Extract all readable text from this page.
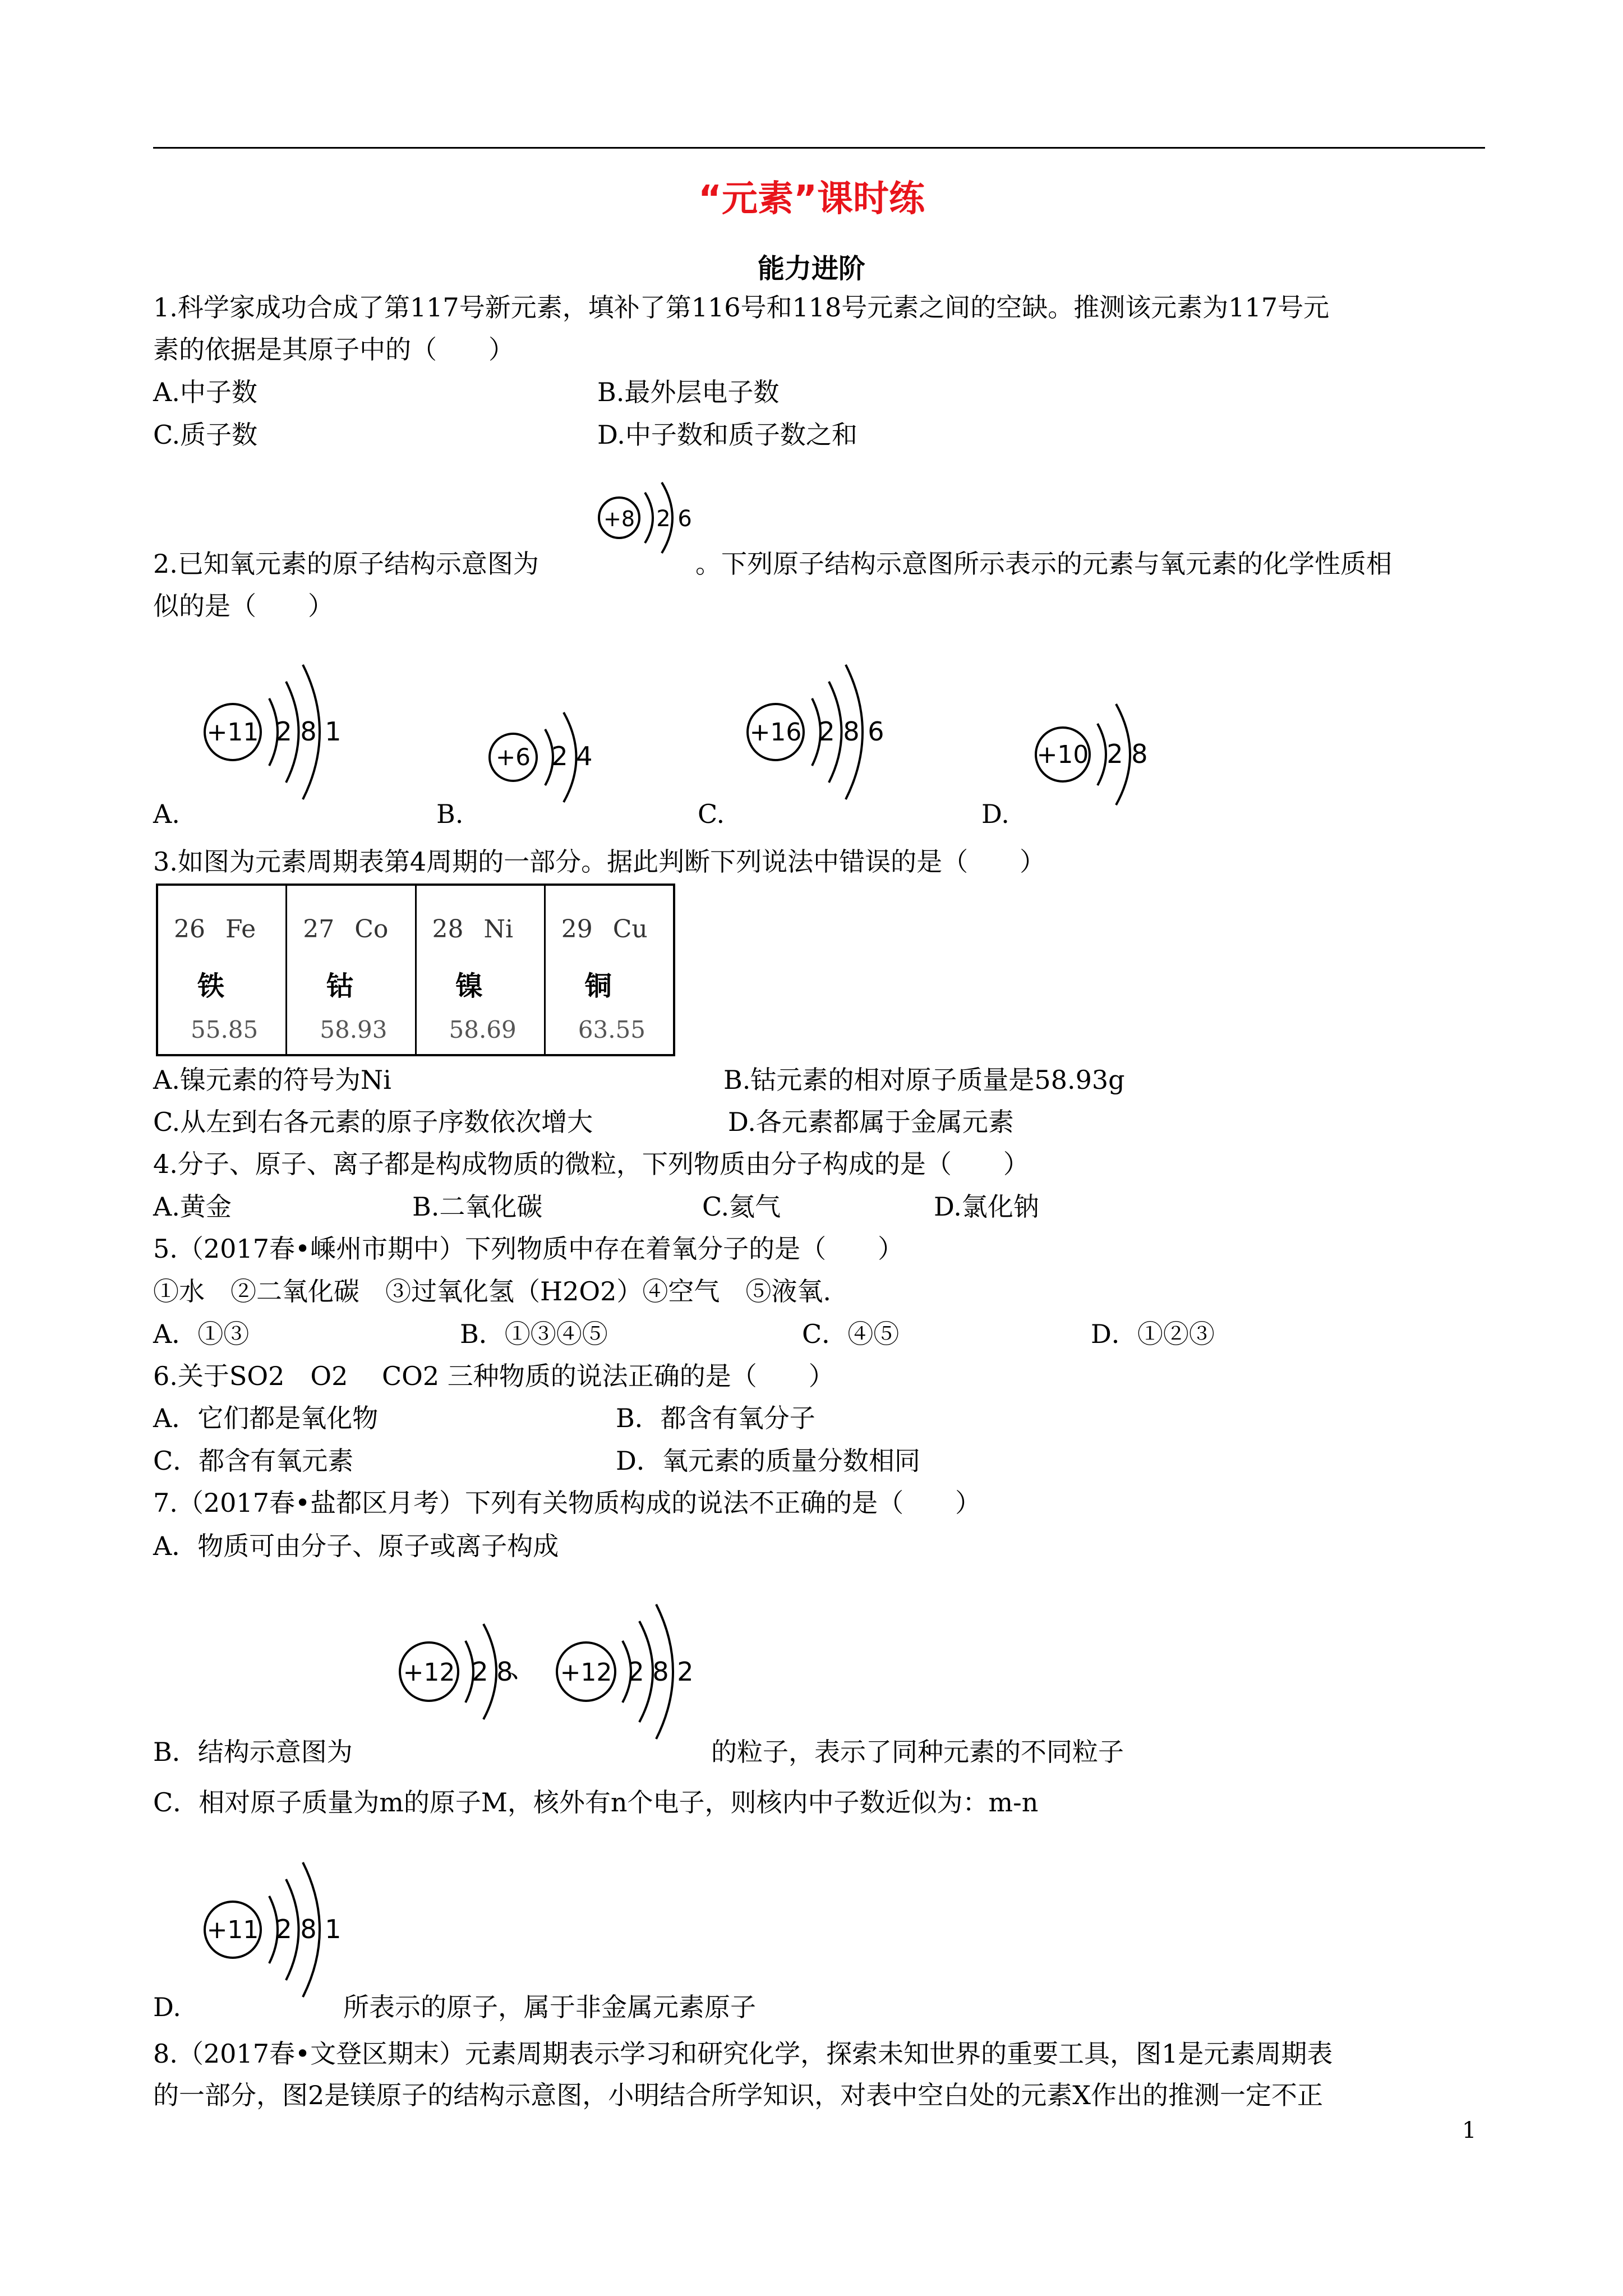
“元素”课时练
能力进阶
1.科学家成功合成了第117号新元素，填补了第116号和118号元素之间的空缺。推测该元素为117号元
素的依据是其原子中的（　　）
A.中子数	B.最外层电子数
C.质子数	D.中子数和质子数之和
+8 2 6
2.已知氧元素的原子结构示意图为	。下列原子结构示意图所示表示的元素与氧元素的化学性质相
似的是（　　）
+11 2 8 1
+6 2 4
+16 2 8 6
+10 2 8
A.	B.	C.	D.
3.如图为元素周期表第4周期的一部分。据此判断下列说法中错误的是（　　）
26 Fe
铁
55.85
27 Co
钴
58.93
28 Ni
镍
58.69
29 Cu
铜
63.55
A.镍元素的符号为Ni	B.钴元素的相对原子质量是58.93g
C.从左到右各元素的原子序数依次增大	D.各元素都属于金属元素
4.分子、原子、离子都是构成物质的微粒，下列物质由分子构成的是（　　）
A.黄金	B.二氧化碳	C.氦气	D.氯化钠
5.（2017春•嵊州市期中）下列物质中存在着氧分子的是（　　）
①水　②二氧化碳　③过氧化氢（H2O2）④空气　⑤液氧.
A．①③	B．①③④⑤	C．④⑤	D．①②③
6.关于SO2　O2　 CO2 三种物质的说法正确的是（　　）
A．它们都是氧化物	B．都含有氧分子
C．都含有氧元素	D．氧元素的质量分数相同
7.（2017春•盐都区月考）下列有关物质构成的说法不正确的是（　　）
A．物质可由分子、原子或离子构成
+12 2 8
、 +12 2 8 2
B．结构示意图为	的粒子，表示了同种元素的不同粒子
C．相对原子质量为m的原子M，核外有n个电子，则核内中子数近似为：m-n
+11 2 8 1
D.	所表示的原子，属于非金属元素原子
8.（2017春•文登区期末）元素周期表示学习和研究化学，探索未知世界的重要工具，图1是元素周期表
的一部分，图2是镁原子的结构示意图，小明结合所学知识，对表中空白处的元素X作出的推测一定不正
1
